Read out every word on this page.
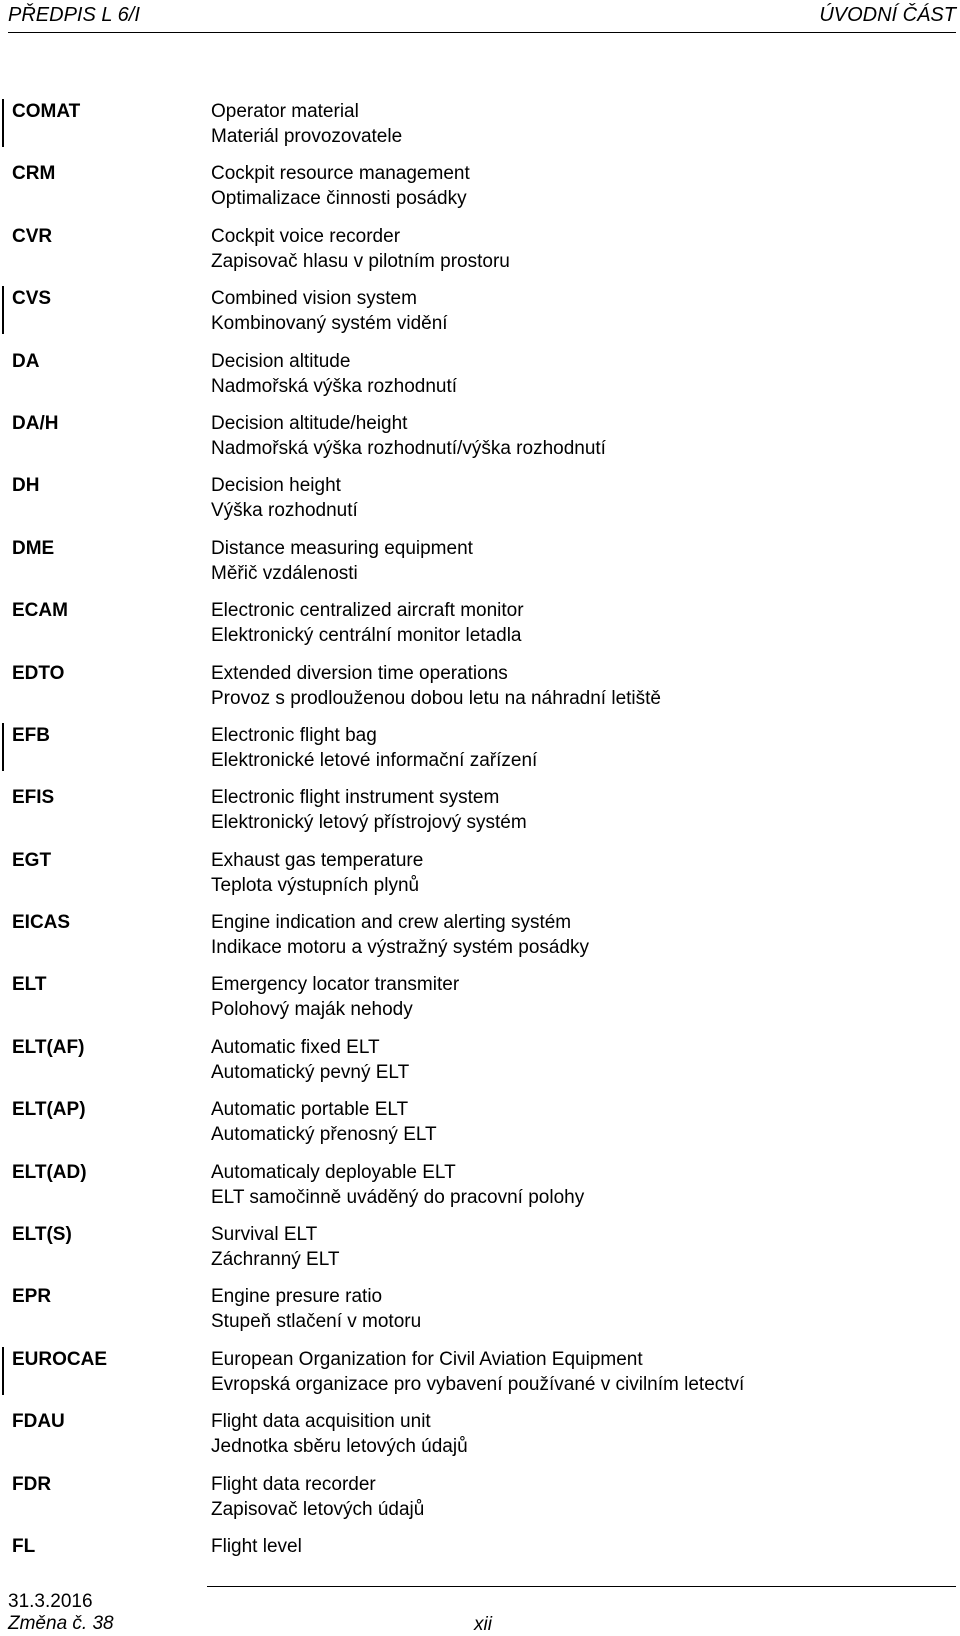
PŘEDPIS L 6/I	ÚVODNÍ ČÁST
COMAT	Operator material
Materiál provozovatele
CRM	Cockpit resource management
Optimalizace činnosti posádky
CVR	Cockpit voice recorder
Zapisovač hlasu v pilotním prostoru
CVS	Combined vision system
Kombinovaný systém vidění
DA	Decision altitude
Nadmořská výška rozhodnutí
DA/H	Decision altitude/height
Nadmořská výška rozhodnutí/výška rozhodnutí
DH	Decision height
Výška rozhodnutí
DME	Distance measuring equipment
Měřič vzdálenosti
ECAM	Electronic centralized aircraft monitor
Elektronický centrální monitor letadla
EDTO	Extended diversion time operations
Provoz s prodlouženou dobou letu na náhradní letiště
EFB	Electronic flight bag
Elektronické letové informační zařízení
EFIS	Electronic flight instrument system
Elektronický letový přístrojový systém
EGT	Exhaust gas temperature
Teplota výstupních plynů
EICAS	Engine indication and crew alerting systém
Indikace motoru a výstražný systém posádky
ELT	Emergency locator transmiter
Polohový maják nehody
ELT(AF)	Automatic fixed ELT
Automatický pevný ELT
ELT(AP)	Automatic portable ELT
Automatický přenosný ELT
ELT(AD)	Automaticaly deployable ELT
ELT samočinně uváděný do pracovní polohy
ELT(S)	Survival ELT
Záchranný ELT
EPR	Engine presure ratio
Stupeň stlačení v motoru
EUROCAE	European Organization for Civil Aviation Equipment
Evropská organizace pro vybavení používané v civilním letectví
FDAU	Flight data acquisition unit
Jednotka sběru letových údajů
FDR	Flight data recorder
Zapisovač letových údajů
FL	Flight level
31.3.2016
Změna č. 38	xii
